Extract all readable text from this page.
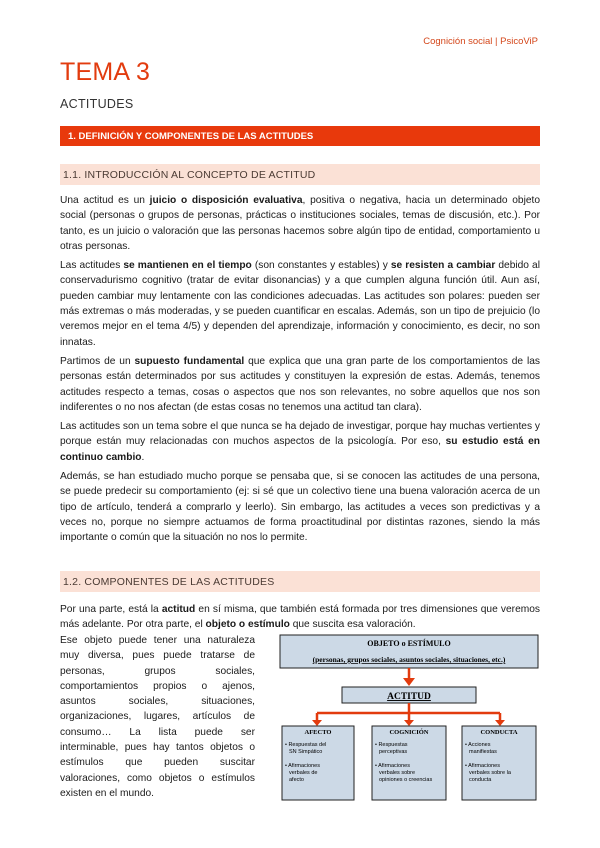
Cognición social | PsicoViP
TEMA 3
ACTITUDES
1. DEFINICIÓN Y COMPONENTES DE LAS ACTITUDES
1.1. INTRODUCCIÓN AL CONCEPTO DE ACTITUD

Una actitud es un juicio o disposición evaluativa, positiva o negativa, hacia un determinado objeto social (personas o grupos de personas, prácticas o instituciones sociales, temas de discusión, etc.). Por tanto, es un juicio o valoración que las personas hacemos sobre algún tipo de entidad, comportamiento u otras personas.

Las actitudes se mantienen en el tiempo (son constantes y estables) y se resisten a cambiar debido al conservadurismo cognitivo (tratar de evitar disonancias) y a que cumplen alguna función útil. Aun así, pueden cambiar muy lentamente con las condiciones adecuadas. Las actitudes son polares: pueden ser más extremas o más moderadas, y se pueden cuantificar en escalas. Además, son un tipo de prejuicio (lo veremos mejor en el tema 4/5) y dependen del aprendizaje, información y conocimiento, es decir, no son innatas.

Partimos de un supuesto fundamental que explica que una gran parte de los comportamientos de las personas están determinados por sus actitudes y constituyen la expresión de estas. Además, tenemos actitudes respecto a temas, cosas o aspectos que nos son relevantes, no sobre aquellos que nos son indiferentes o no nos afectan (de estas cosas no tenemos una actitud tan clara).

Las actitudes son un tema sobre el que nunca se ha dejado de investigar, porque hay muchas vertientes y porque están muy relacionadas con muchos aspectos de la psicología. Por eso, su estudio está en continuo cambio.

Además, se han estudiado mucho porque se pensaba que, si se conocen las actitudes de una persona, se puede predecir su comportamiento (ej: si sé que un colectivo tiene una buena valoración acerca de un tipo de artículo, tenderá a comprarlo y leerlo). Sin embargo, las actitudes a veces son predictivas y a veces no, porque no siempre actuamos de forma proactitudinal por distintas razones, siendo la más importante o común que la situación no nos lo permite.

1.2. COMPONENTES DE LAS ACTITUDES

Por una parte, está la actitud en sí misma, que también está formada por tres dimensiones que veremos más adelante. Por otra parte, el objeto o estímulo que suscita esa valoración.

Ese objeto puede tener una naturaleza muy diversa, pues puede tratarse de personas, grupos sociales, comportamientos propios o ajenos, asuntos sociales, situaciones, organizaciones, lugares, artículos de consumo… La lista puede ser interminable, pues hay tantos objetos o estímulos que pueden suscitar valoraciones, como objetos o estímulos existen en el mundo.
OBJETO o ESTÍMULO
(personas, grupos sociales, asuntos sociales, situaciones, etc.)
ACTITUD
AFECTO
• Respuestas del
SN Simpático
• Afirmaciones
verbales de
afecto
COGNICIÓN
• Respuestas
perceptivas
• Afirmaciones
verbales sobre
opiniones o creencias
CONDUCTA
• Acciones
manifiestas
• Afirmaciones
verbales sobre la
conducta
